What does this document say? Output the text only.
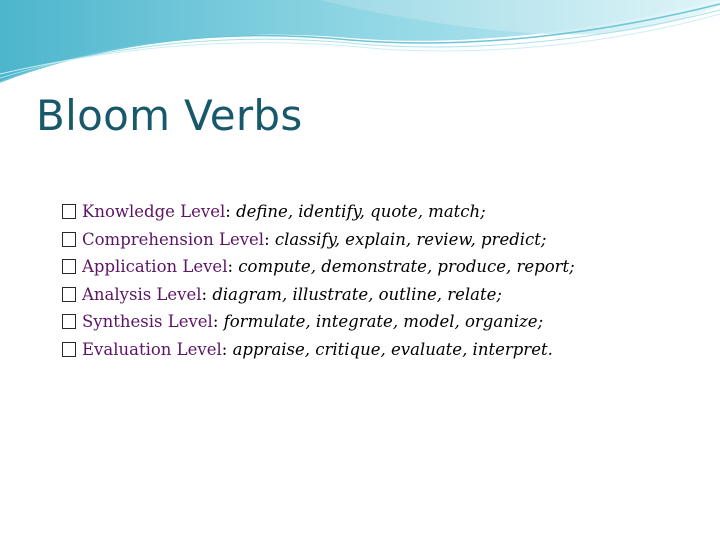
Bloom Verbs
Knowledge Level: define, identify, quote, match;
Comprehension Level: classify, explain, review, predict;
Application Level: compute, demonstrate, produce, report;
Analysis Level: diagram, illustrate, outline, relate;
Synthesis Level: formulate, integrate, model, organize;
Evaluation Level: appraise, critique, evaluate, interpret.
